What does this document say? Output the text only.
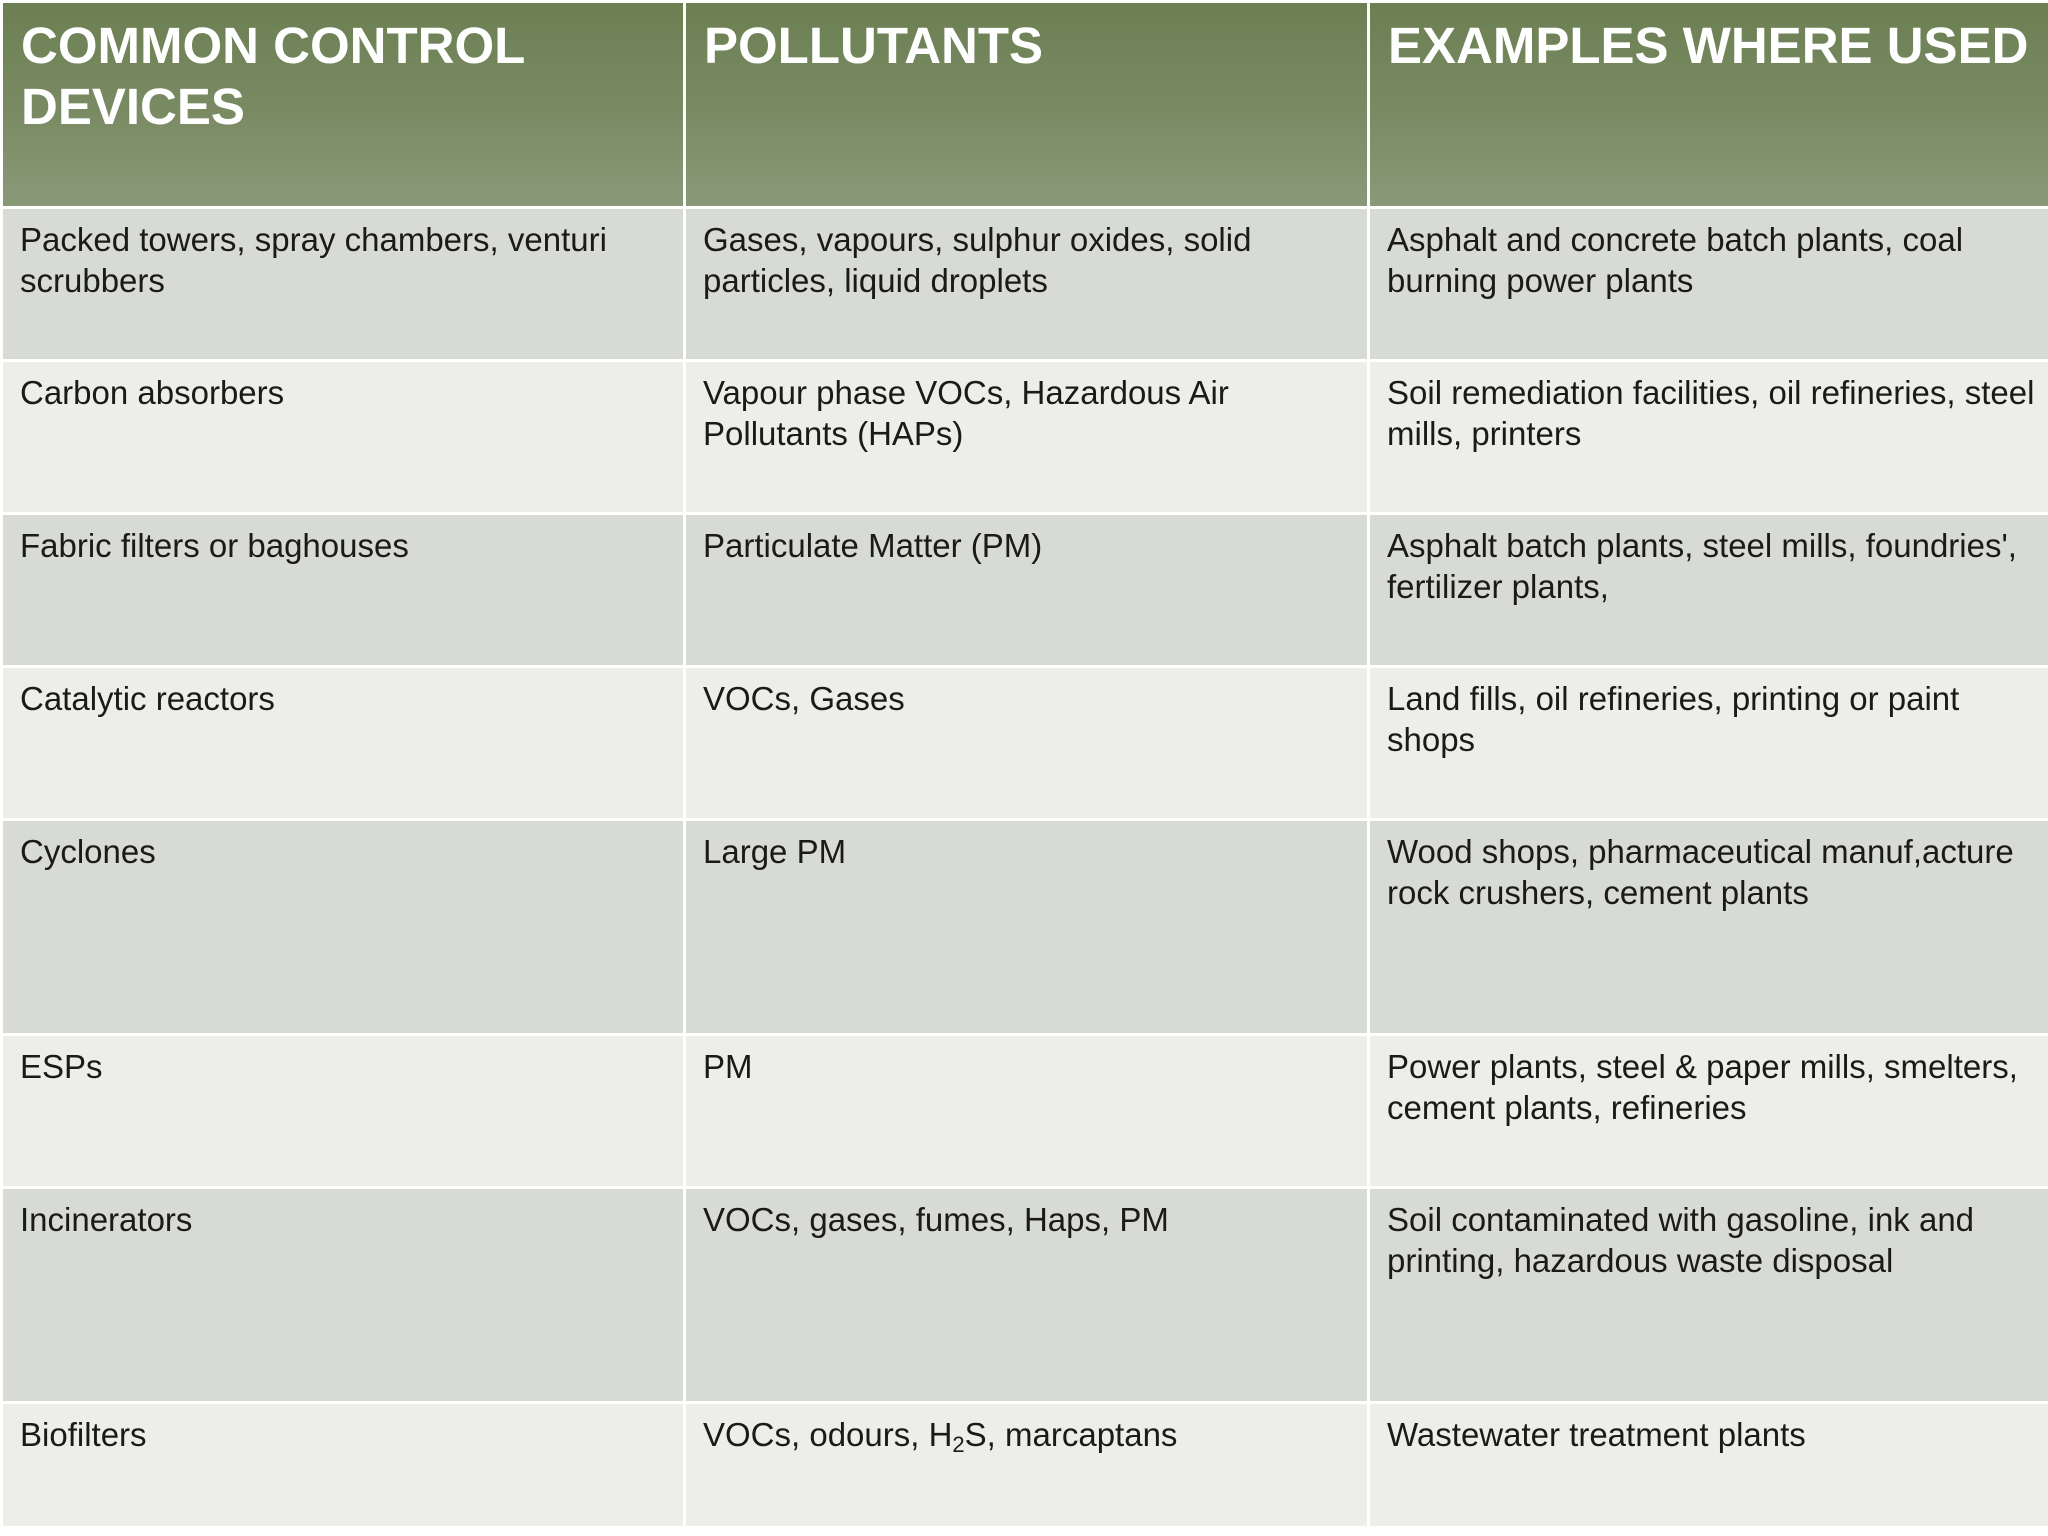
COMMON CONTROL DEVICES	POLLUTANTS	EXAMPLES WHERE USED
Packed towers, spray chambers, venturi scrubbers	Gases, vapours, sulphur oxides, solid particles, liquid droplets	Asphalt and concrete batch plants, coal burning power plants
Carbon absorbers	Vapour phase VOCs, Hazardous Air Pollutants (HAPs)	Soil remediation facilities, oil refineries, steel mills, printers
Fabric filters or baghouses	Particulate Matter (PM)	Asphalt batch plants, steel mills, foundries', fertilizer plants,
Catalytic reactors	VOCs, Gases	Land fills, oil refineries, printing or paint shops
Cyclones	Large PM	Wood shops, pharmaceutical manuf,acture rock crushers, cement plants
ESPs	PM	Power plants, steel & paper mills, smelters, cement plants, refineries
Incinerators	VOCs, gases, fumes, Haps, PM	Soil contaminated with gasoline, ink and printing, hazardous waste disposal
Biofilters	VOCs, odours, $H_2S$, marcaptans	Wastewater treatment plants
